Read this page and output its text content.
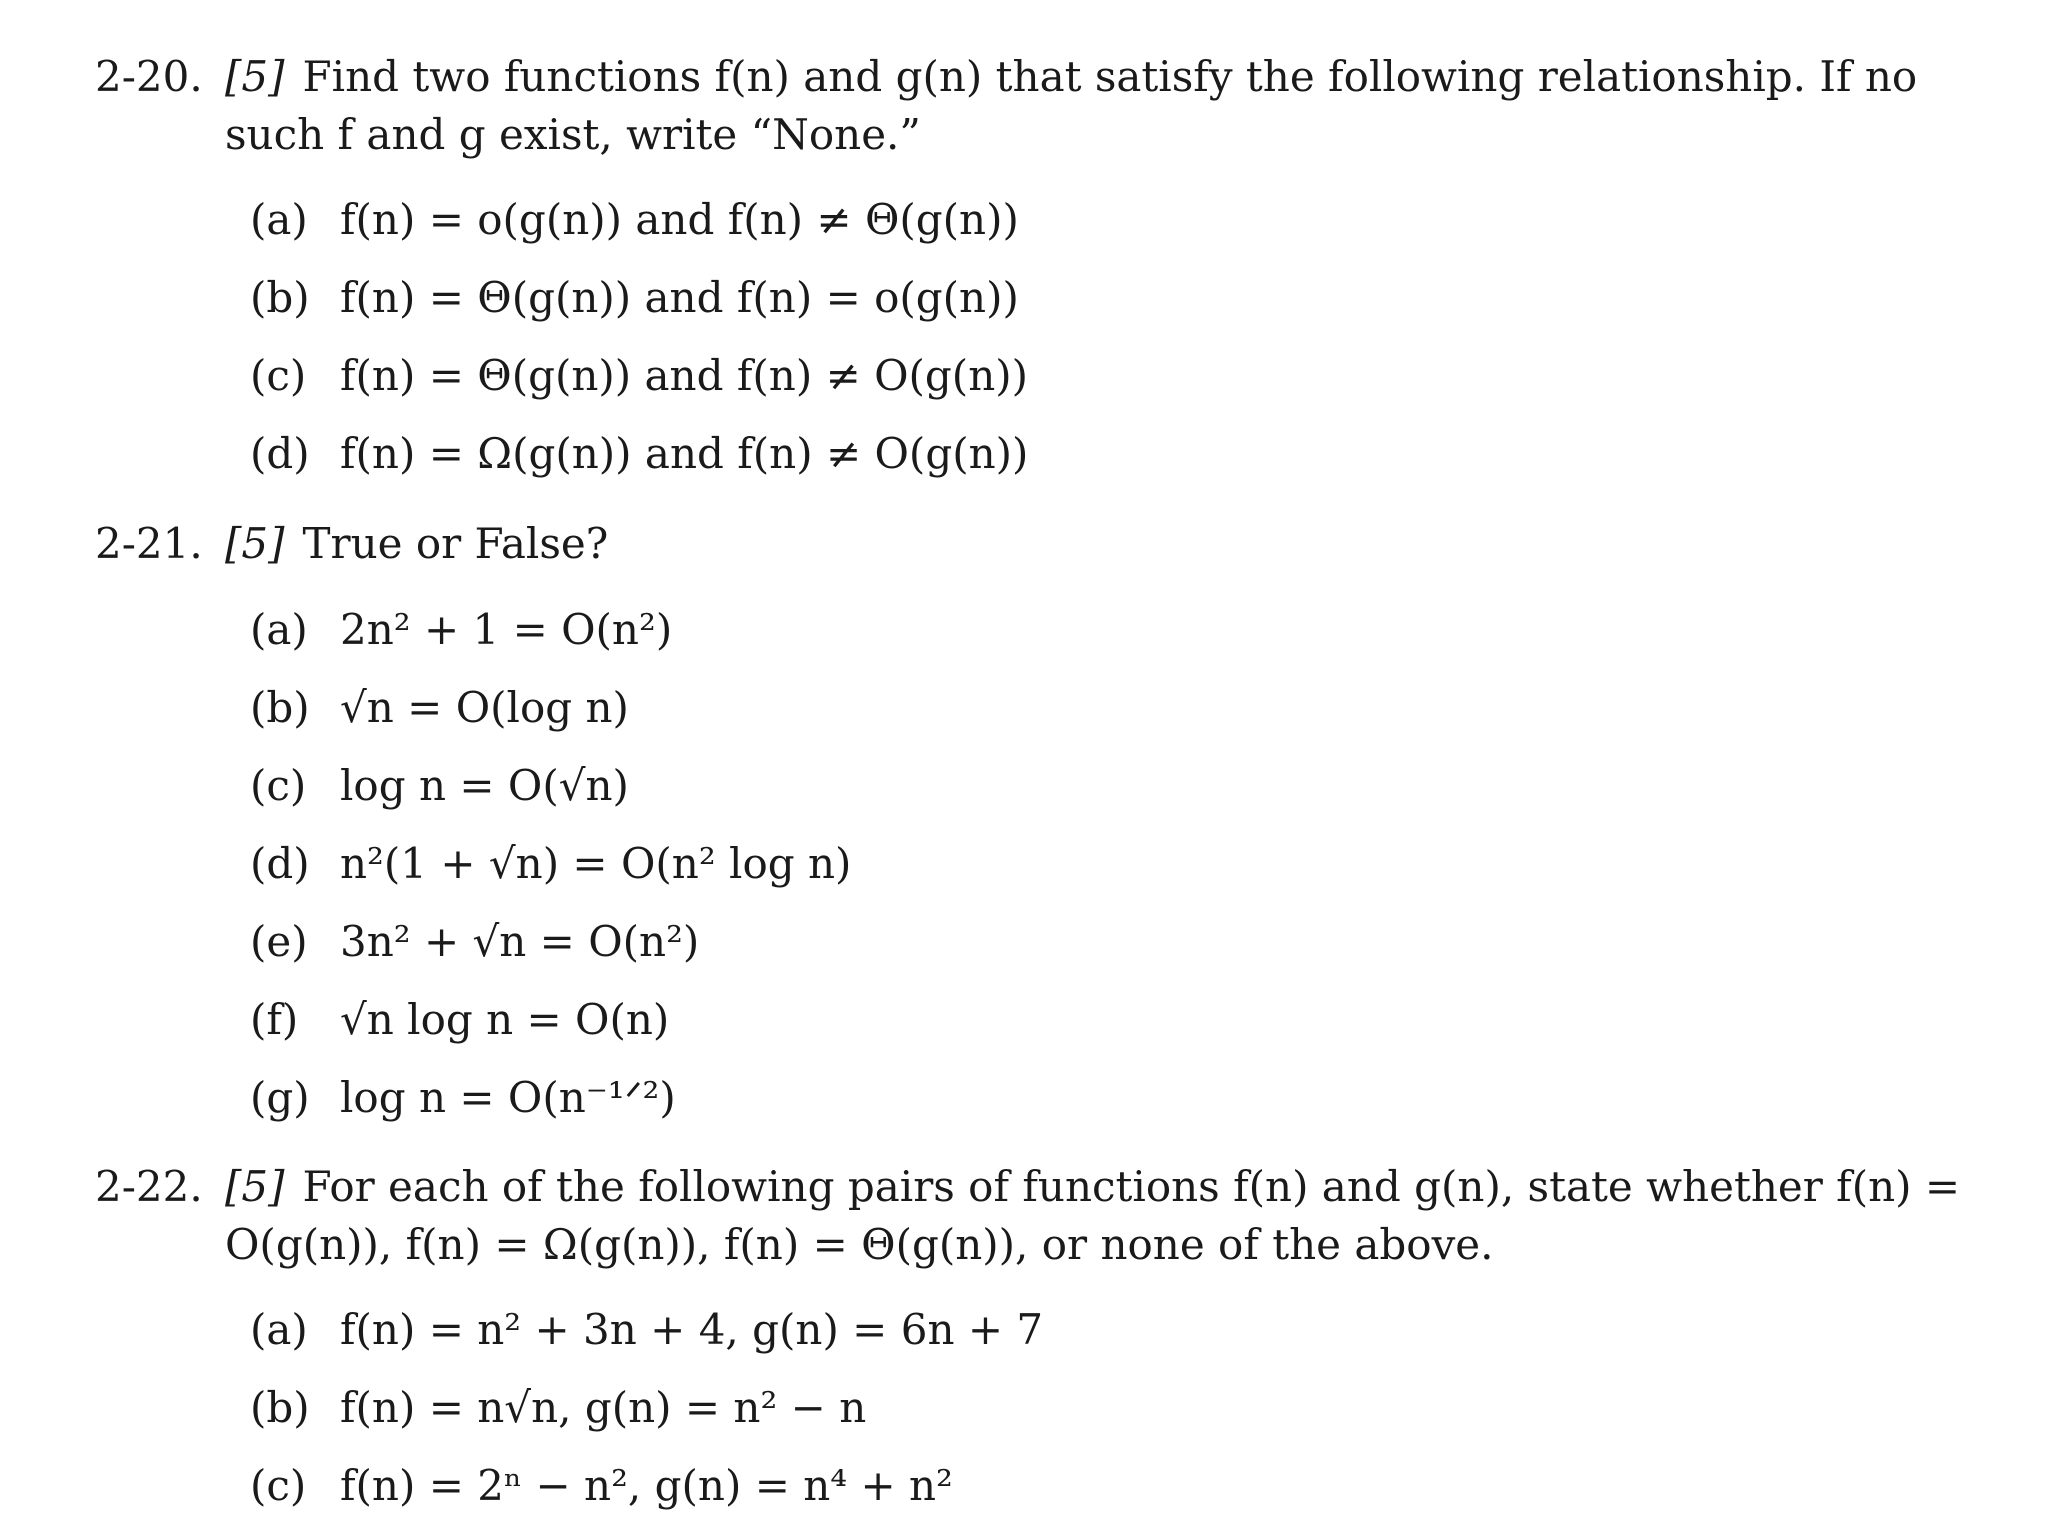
2-20. [5] Find two functions f(n) and g(n) that satisfy the following relationship. If no
such f and g exist, write “None.”
(a) f(n) = o(g(n)) and f(n) ≠ Θ(g(n))
(b) f(n) = Θ(g(n)) and f(n) = o(g(n))
(c) f(n) = Θ(g(n)) and f(n) ≠ O(g(n))
(d) f(n) = Ω(g(n)) and f(n) ≠ O(g(n))
2-21. [5] True or False?
(a) 2n² + 1 = O(n²)
(b) √n = O(log n)
(c) log n = O(√n)
(d) n²(1 + √n) = O(n² log n)
(e) 3n² + √n = O(n²)
(f) √n log n = O(n)
(g) log n = O(n⁻¹ᐟ²)
2-22. [5] For each of the following pairs of functions f(n) and g(n), state whether f(n) =
O(g(n)), f(n) = Ω(g(n)), f(n) = Θ(g(n)), or none of the above.
(a) f(n) = n² + 3n + 4, g(n) = 6n + 7
(b) f(n) = n√n, g(n) = n² − n
(c) f(n) = 2ⁿ − n², g(n) = n⁴ + n²
